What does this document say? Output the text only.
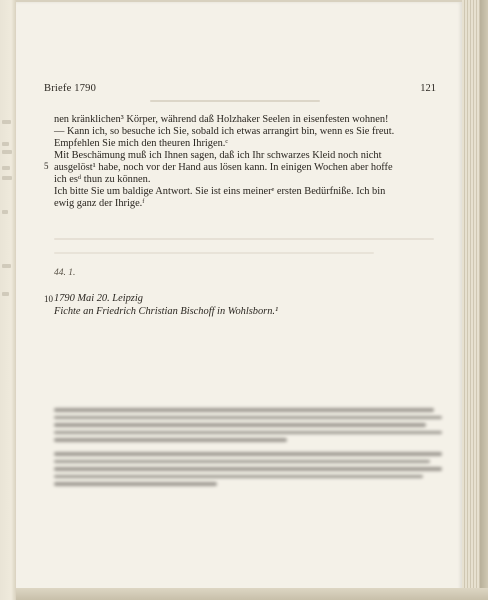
Briefe 1790	121
nen kränklichen³ Körper, während daß Holzhaker Seelen in eisenfesten wohnen!
— Kann ich, so besuche ich Sie, sobald ich etwas arrangirt bin, wenn es Sie freut.
Empfehlen Sie mich den theuren Ihrigen.ᶜ
Mit Beschämung muß ich Ihnen sagen, daß ich Ihr schwarzes Kleid noch nicht
5 ausgelöst¹ habe, noch vor der Hand aus lösen kann. In einigen Wochen aber hoffe
ich esᵈ thun zu können.
Ich bitte Sie um baldige Antwort. Sie ist eins meinerᵉ ersten Bedürfniße. Ich bin
ewig ganz der Ihrige.ᶠ
44. 1.
10 1790 Mai 20. Leipzig
Fichte an Friedrich Christian Bischoff in Wohlsborn.¹
